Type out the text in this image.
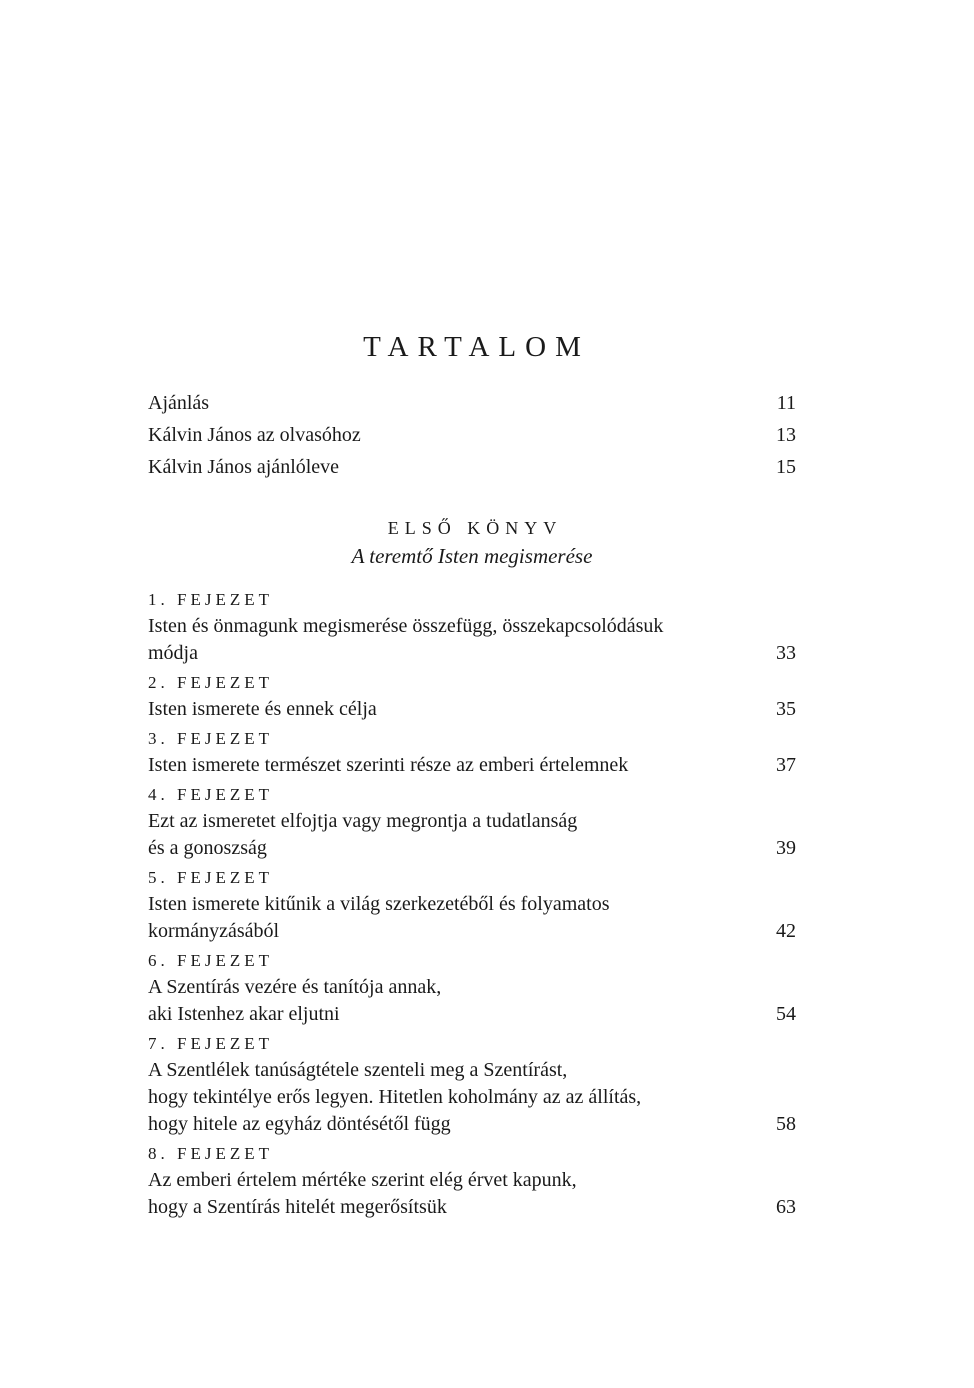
TARTALOM
Ajánlás	11
Kálvin János az olvasóhoz	13
Kálvin János ajánlóleve	15
ELSŐ KÖNYV
A teremtő Isten megismerése
1. FEJEZET
Isten és önmagunk megismerése összefügg, összekapcsolódásuk
módja	33
2. FEJEZET
Isten ismerete és ennek célja	35
3. FEJEZET
Isten ismerete természet szerinti része az emberi értelemnek	37
4. FEJEZET
Ezt az ismeretet elfojtja vagy megrontja a tudatlanság
és a gonoszság	39
5. FEJEZET
Isten ismerete kitűnik a világ szerkezetéből és folyamatos
kormányzásából	42
6. FEJEZET
A Szentírás vezére és tanítója annak,
aki Istenhez akar eljutni	54
7. FEJEZET
A Szentlélek tanúságtétele szenteli meg a Szentírást,
hogy tekintélye erős legyen. Hitetlen koholmány az az állítás,
hogy hitele az egyház döntésétől függ	58
8. FEJEZET
Az emberi értelem mértéke szerint elég érvet kapunk,
hogy a Szentírás hitelét megerősítsük	63
